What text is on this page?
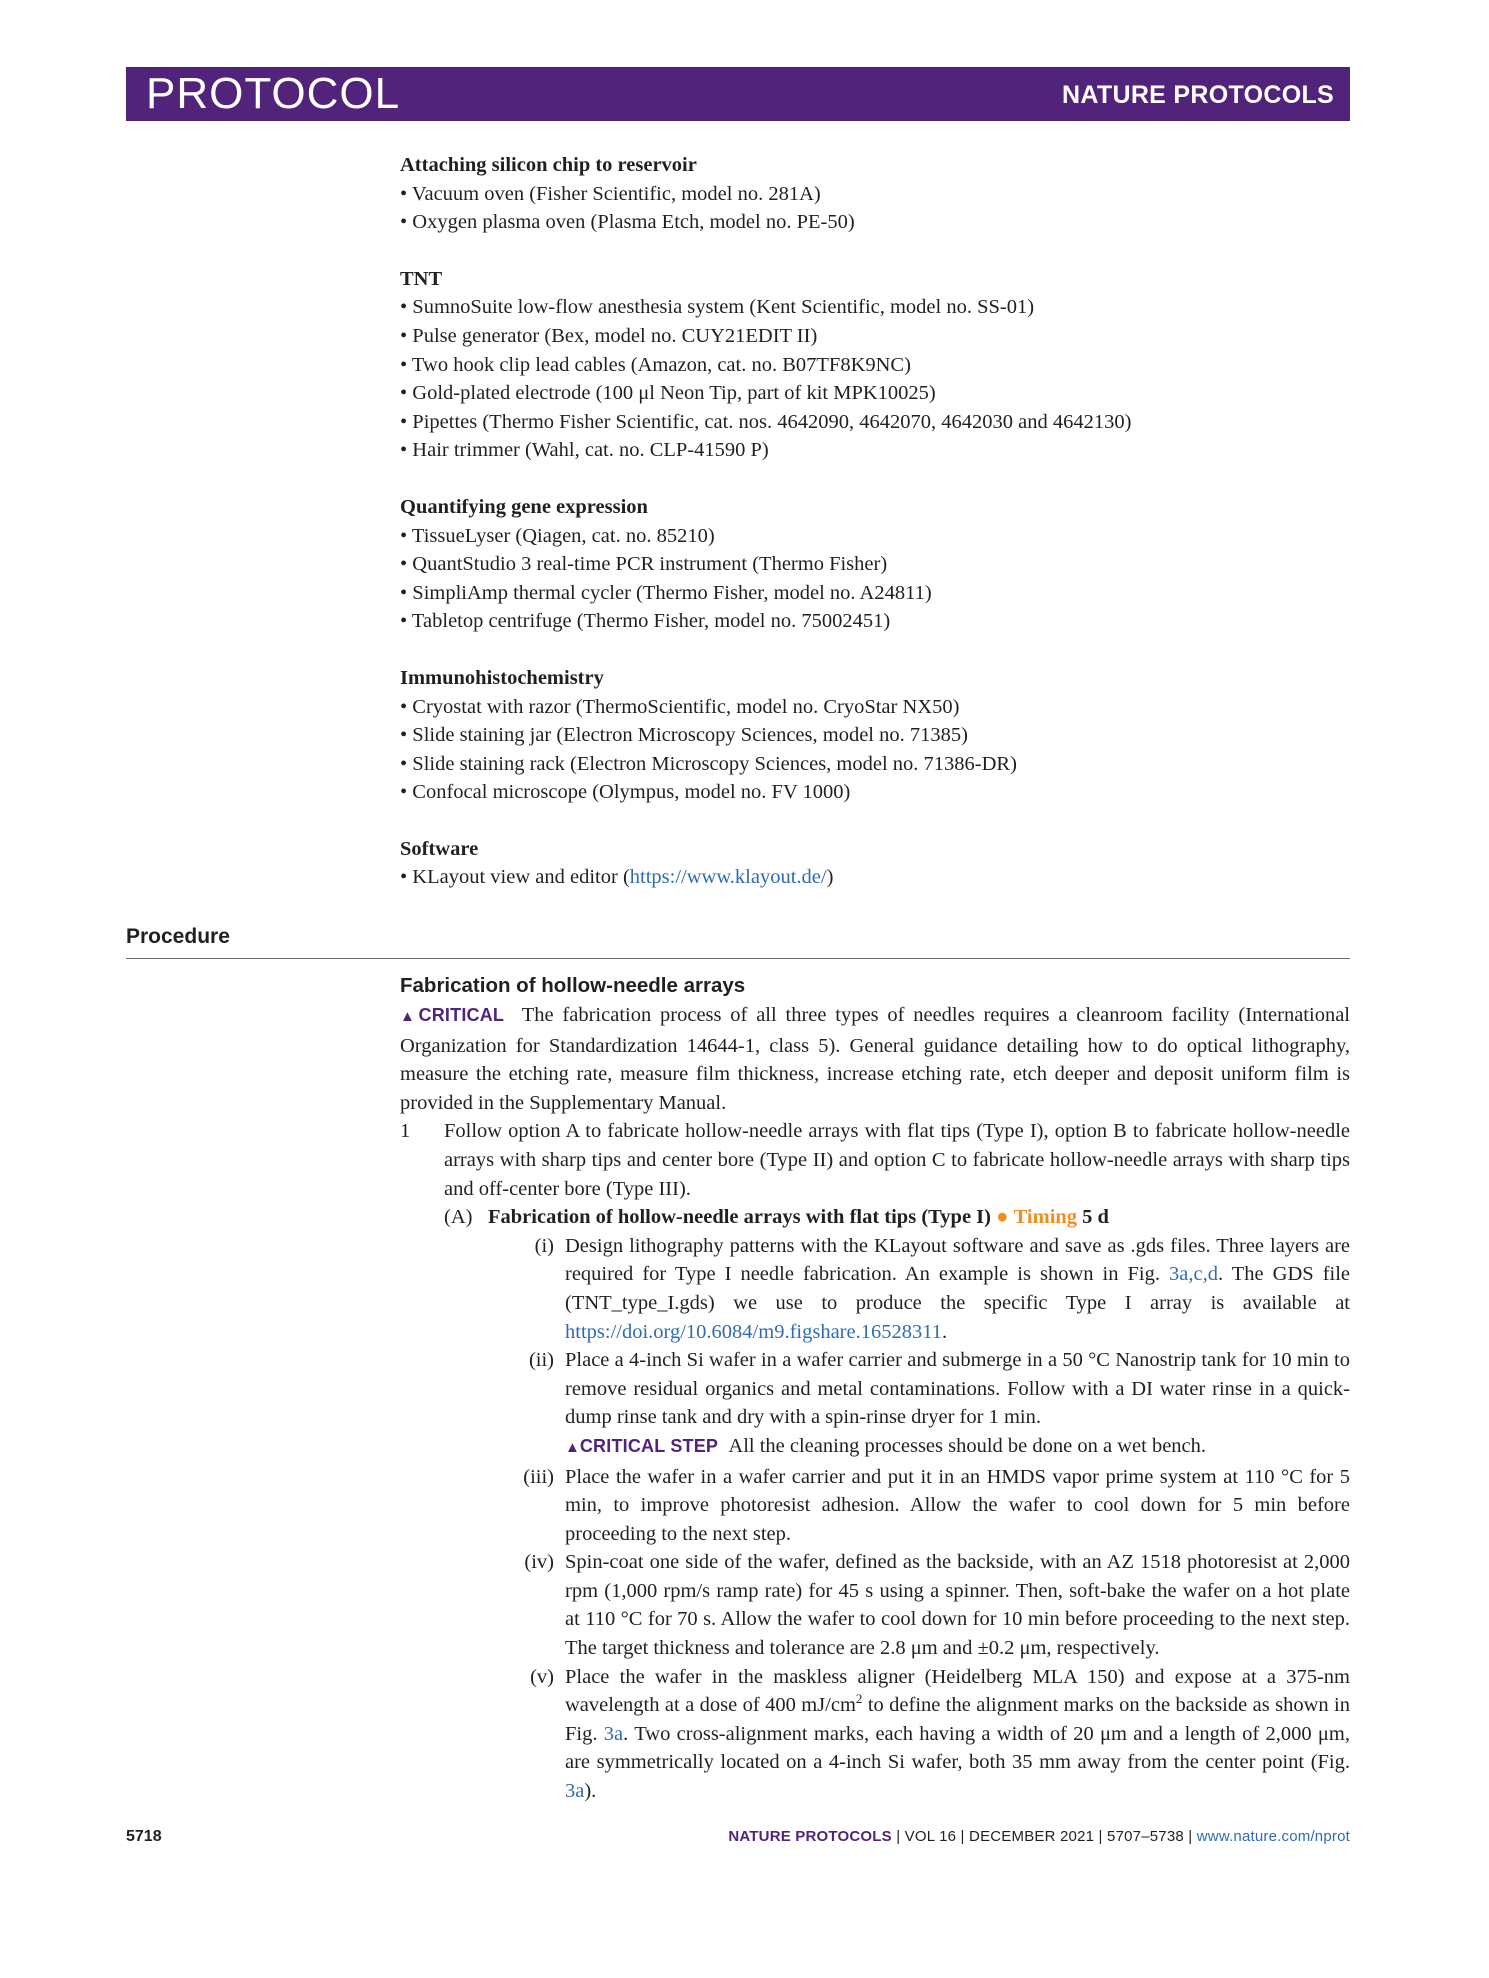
PROTOCOL	NATURE PROTOCOLS

Attaching silicon chip to reservoir

• Vacuum oven (Fisher Scientific, model no. 281A)

• Oxygen plasma oven (Plasma Etch, model no. PE-50)

TNT

• SumnoSuite low-flow anesthesia system (Kent Scientific, model no. SS-01)

• Pulse generator (Bex, model no. CUY21EDIT II)

• Two hook clip lead cables (Amazon, cat. no. B07TF8K9NC)

• Gold-plated electrode (100 μl Neon Tip, part of kit MPK10025)

• Pipettes (Thermo Fisher Scientific, cat. nos. 4642090, 4642070, 4642030 and 4642130)

• Hair trimmer (Wahl, cat. no. CLP-41590 P)

Quantifying gene expression

• TissueLyser (Qiagen, cat. no. 85210)

• QuantStudio 3 real-time PCR instrument (Thermo Fisher)

• SimpliAmp thermal cycler (Thermo Fisher, model no. A24811)

• Tabletop centrifuge (Thermo Fisher, model no. 75002451)

Immunohistochemistry

• Cryostat with razor (ThermoScientific, model no. CryoStar NX50)

• Slide staining jar (Electron Microscopy Sciences, model no. 71385)

• Slide staining rack (Electron Microscopy Sciences, model no. 71386-DR)

• Confocal microscope (Olympus, model no. FV 1000)

Software

• KLayout view and editor (https://www.klayout.de/)

Procedure

Fabrication of hollow-needle arrays

▲CRITICAL The fabrication process of all three types of needles requires a cleanroom facility (International Organization for Standardization 14644-1, class 5). General guidance detailing how to do optical lithography, measure the etching rate, measure film thickness, increase etching rate, etch deeper and deposit uniform film is provided in the Supplementary Manual.

1 Follow option A to fabricate hollow-needle arrays with flat tips (Type I), option B to fabricate hollow-needle arrays with sharp tips and center bore (Type II) and option C to fabricate hollow-needle arrays with sharp tips and off-center bore (Type III).

(A) Fabrication of hollow-needle arrays with flat tips (Type I) ● Timing 5 d

(i) Design lithography patterns with the KLayout software and save as .gds files. Three layers are required for Type I needle fabrication. An example is shown in Fig. 3a,c,d. The GDS file (TNT_type_I.gds) we use to produce the specific Type I array is available at https://doi.org/10.6084/m9.figshare.16528311.

(ii) Place a 4-inch Si wafer in a wafer carrier and submerge in a 50 °C Nanostrip tank for 10 min to remove residual organics and metal contaminations. Follow with a DI water rinse in a quick-dump rinse tank and dry with a spin-rinse dryer for 1 min.

▲CRITICAL STEP All the cleaning processes should be done on a wet bench.

(iii) Place the wafer in a wafer carrier and put it in an HMDS vapor prime system at 110 °C for 5 min, to improve photoresist adhesion. Allow the wafer to cool down for 5 min before proceeding to the next step.

(iv) Spin-coat one side of the wafer, defined as the backside, with an AZ 1518 photoresist at 2,000 rpm (1,000 rpm/s ramp rate) for 45 s using a spinner. Then, soft-bake the wafer on a hot plate at 110 °C for 70 s. Allow the wafer to cool down for 10 min before proceeding to the next step. The target thickness and tolerance are 2.8 μm and ±0.2 μm, respectively.

(v) Place the wafer in the maskless aligner (Heidelberg MLA 150) and expose at a 375-nm wavelength at a dose of 400 $mJ/cm^2$ to define the alignment marks on the backside as shown in Fig. 3a. Two cross-alignment marks, each having a width of 20 μm and a length of 2,000 μm, are symmetrically located on a 4-inch Si wafer, both 35 mm away from the center point (Fig. 3a).

5718	NATURE PROTOCOLS | VOL 16 | DECEMBER 2021 | 5707–5738 | www.nature.com/nprot
